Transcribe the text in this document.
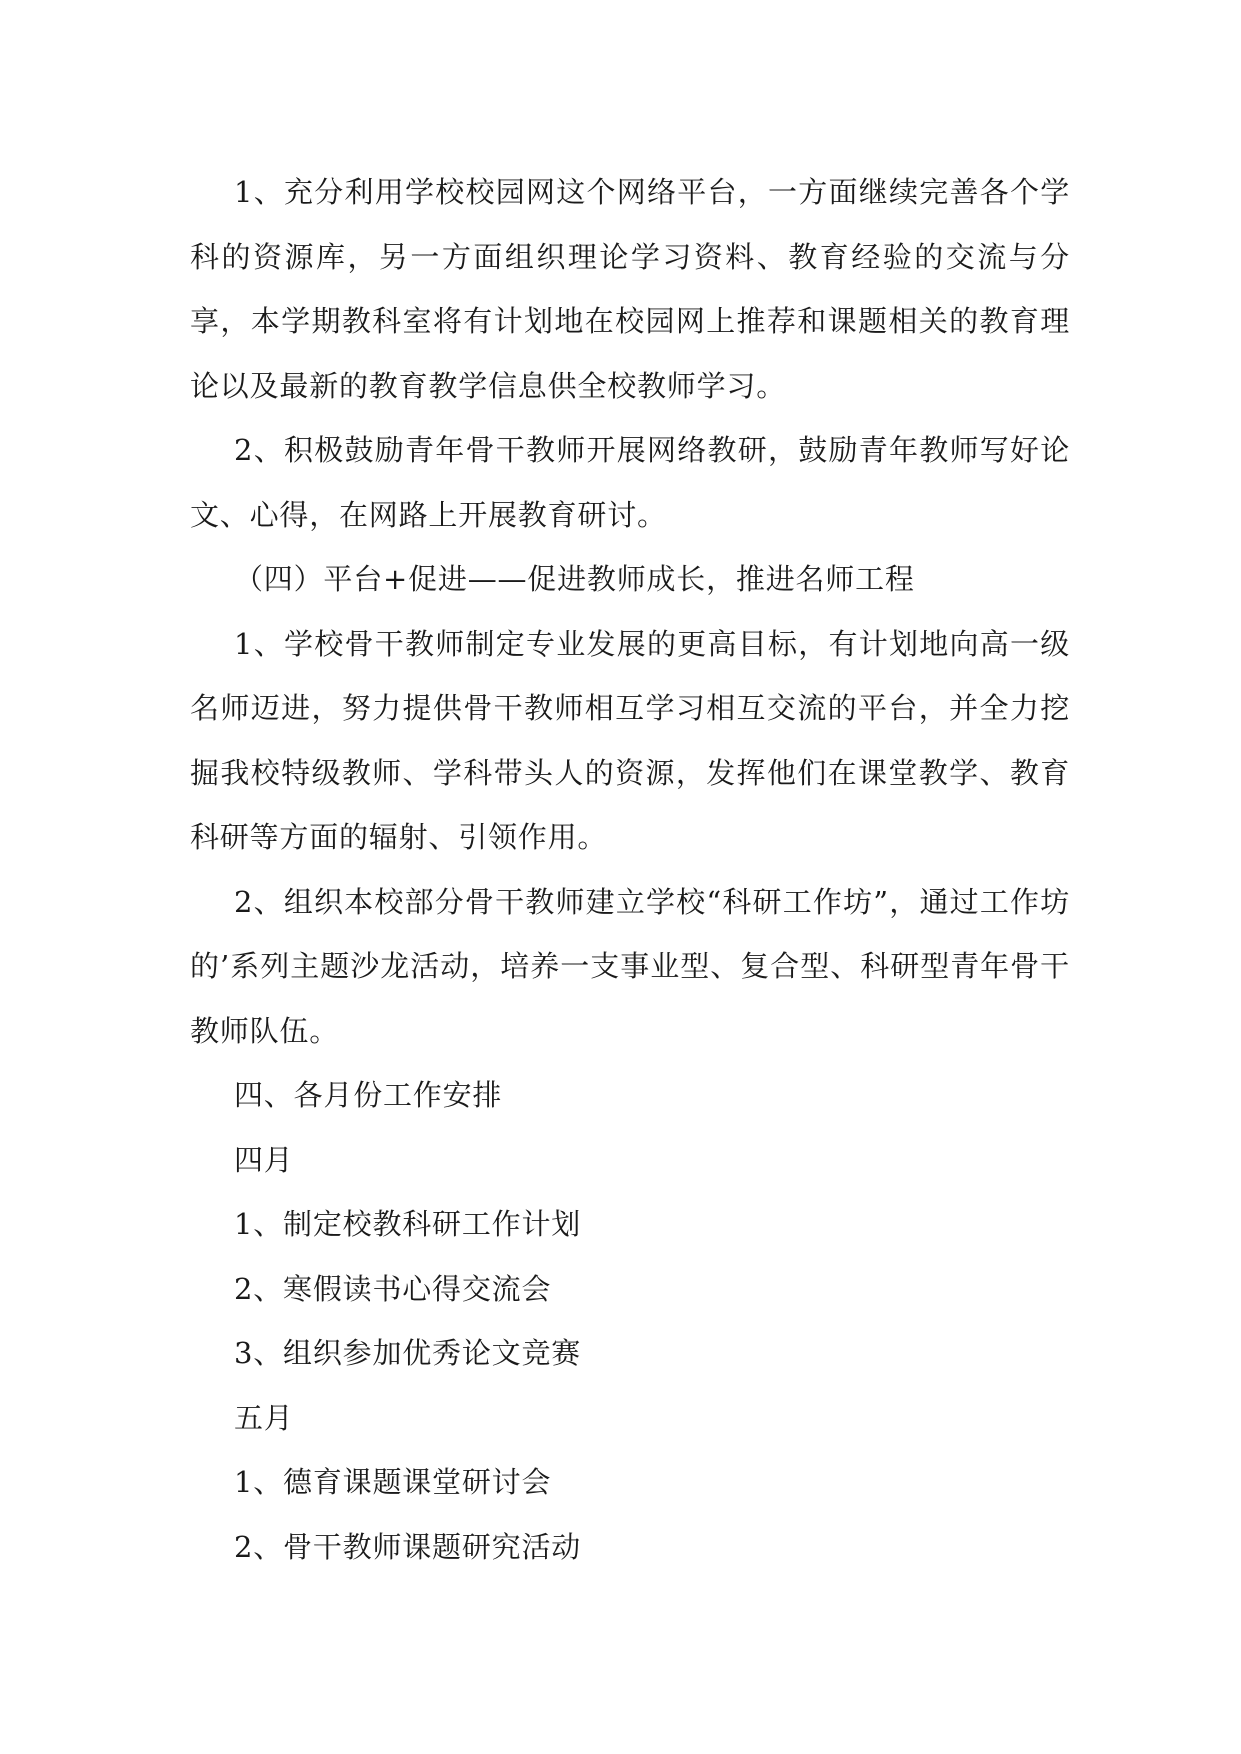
1、充分利用学校校园网这个网络平台，一方面继续完善各个学科的资源库，另一方面组织理论学习资料、教育经验的交流与分享，本学期教科室将有计划地在校园网上推荐和课题相关的教育理论以及最新的教育教学信息供全校教师学习。

2、积极鼓励青年骨干教师开展网络教研，鼓励青年教师写好论文、心得，在网路上开展教育研讨。

（四）平台+促进——促进教师成长，推进名师工程

1、学校骨干教师制定专业发展的更高目标，有计划地向高一级名师迈进，努力提供骨干教师相互学习相互交流的平台，并全力挖掘我校特级教师、学科带头人的资源，发挥他们在课堂教学、教育科研等方面的辐射、引领作用。

2、组织本校部分骨干教师建立学校“科研工作坊”，通过工作坊的’系列主题沙龙活动，培养一支事业型、复合型、科研型青年骨干教师队伍。

四、各月份工作安排

四月

1、制定校教科研工作计划

2、寒假读书心得交流会

3、组织参加优秀论文竞赛

五月

1、德育课题课堂研讨会

2、骨干教师课题研究活动
